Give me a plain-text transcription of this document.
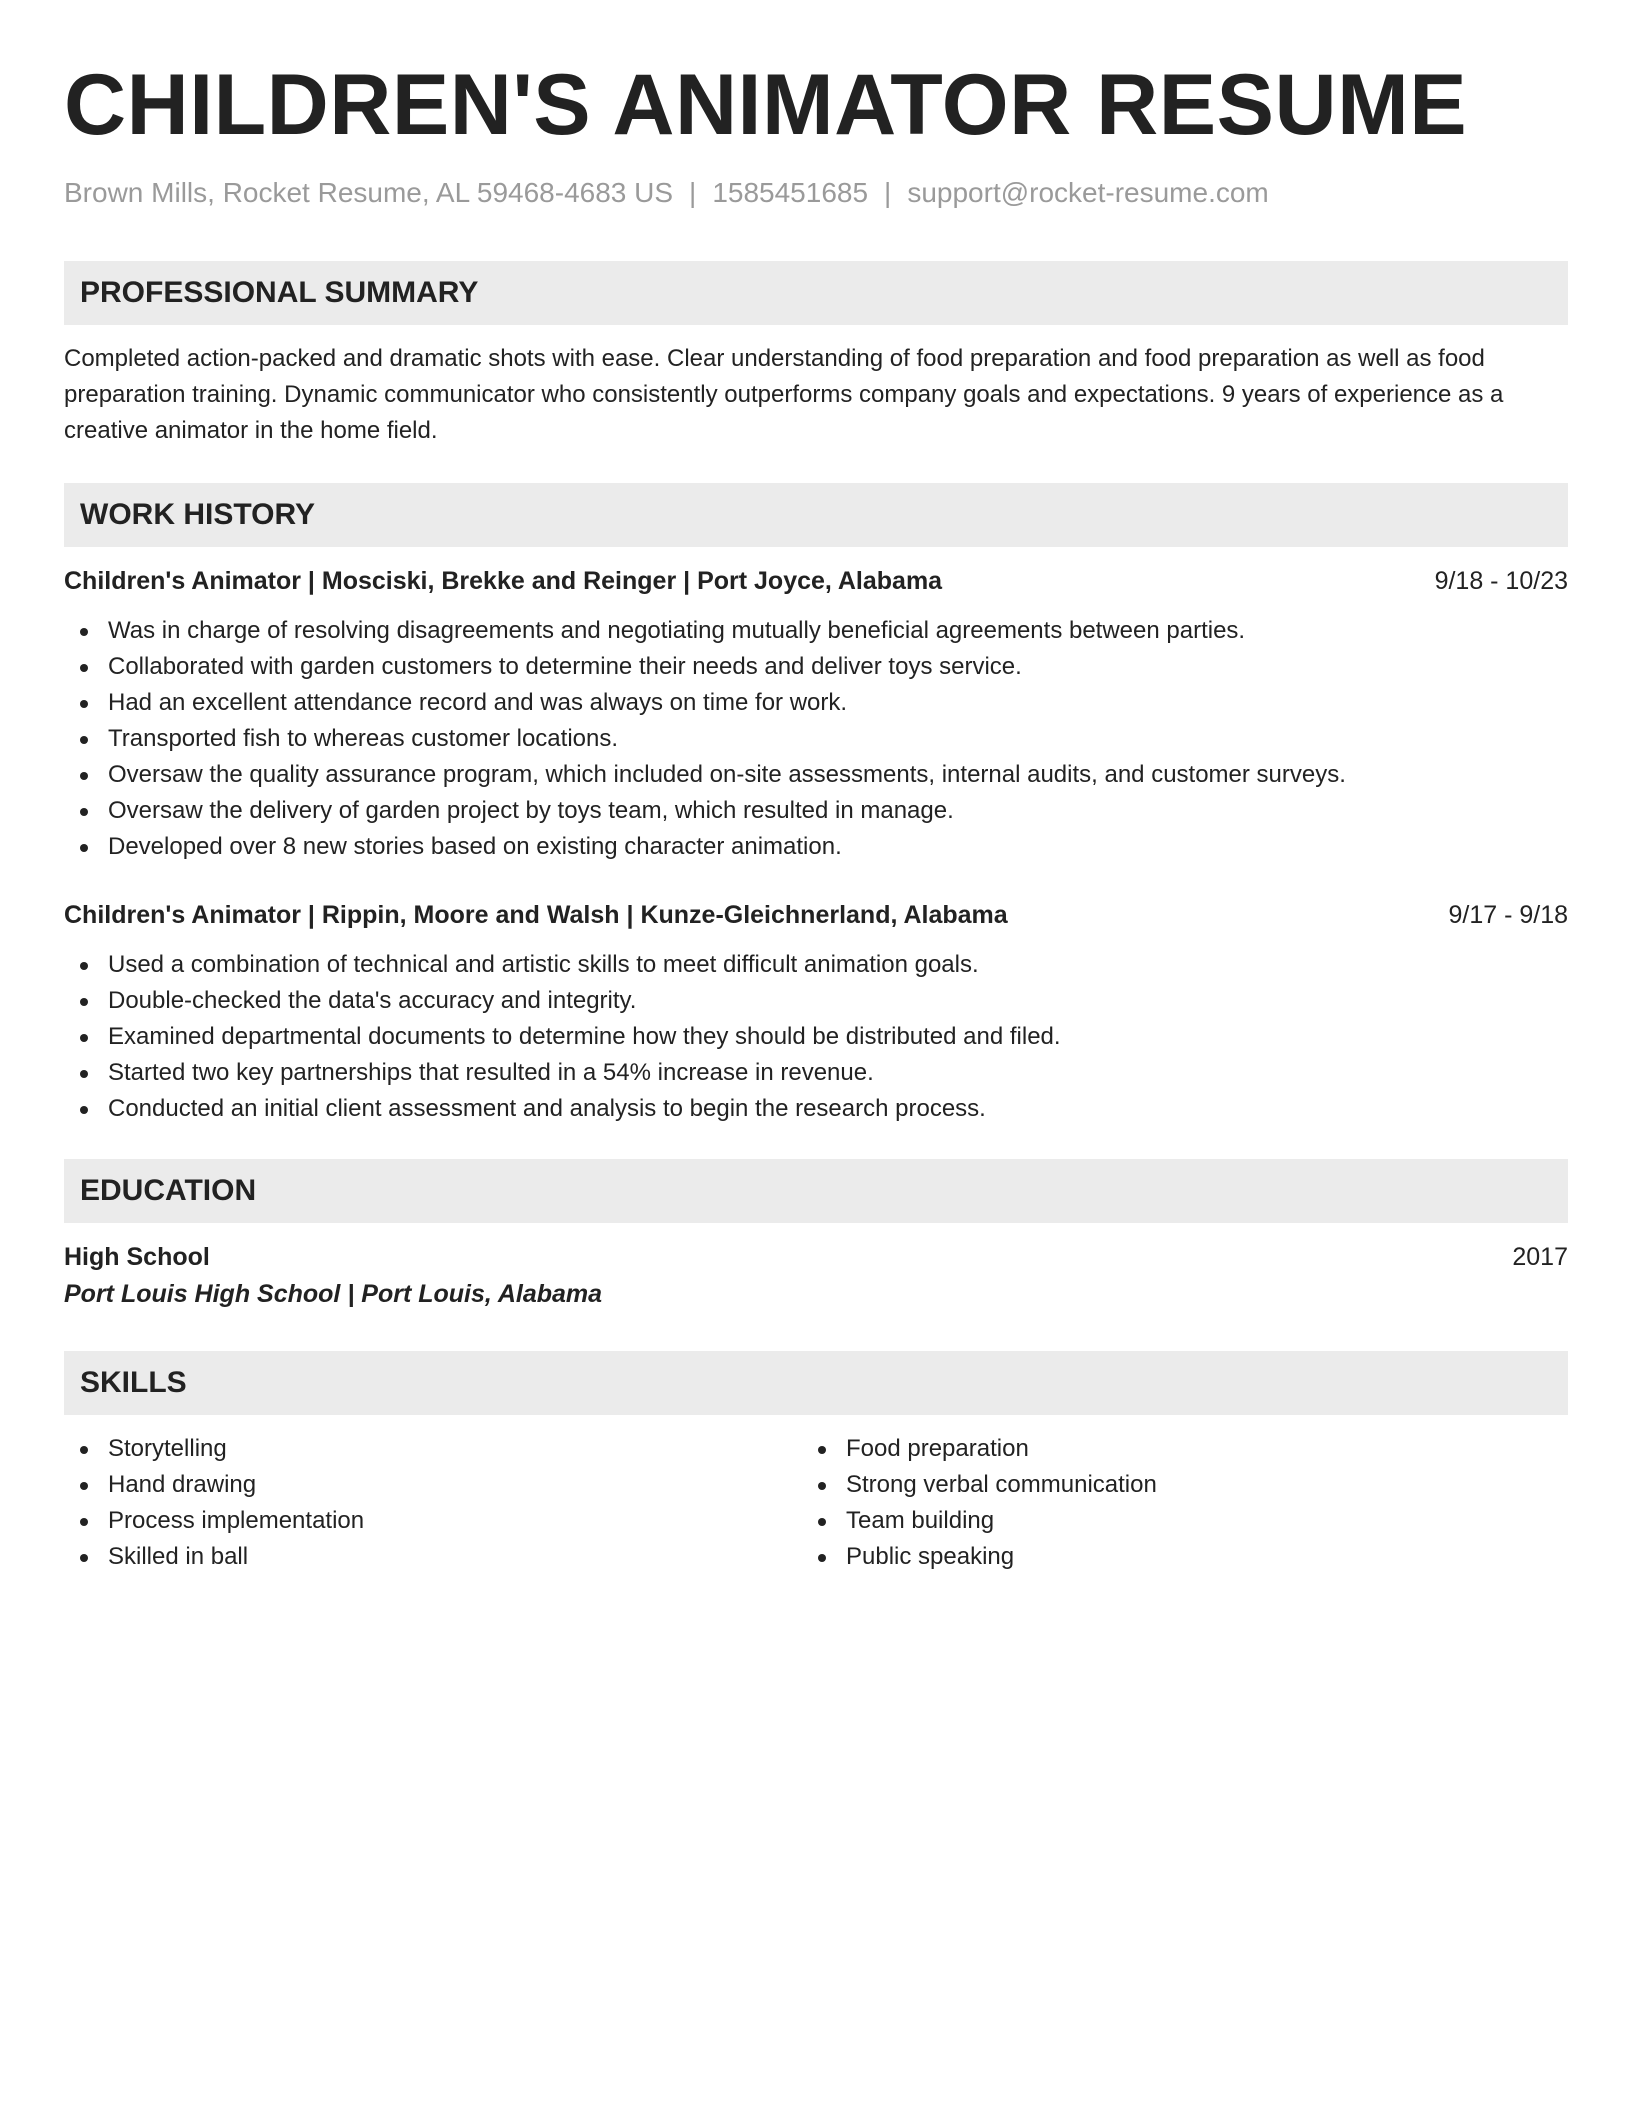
CHILDREN'S ANIMATOR RESUME
Brown Mills, Rocket Resume, AL 59468-4683 US | 1585451685 | support@rocket-resume.com
PROFESSIONAL SUMMARY
Completed action-packed and dramatic shots with ease. Clear understanding of food preparation and food preparation as well as food preparation training. Dynamic communicator who consistently outperforms company goals and expectations. 9 years of experience as a creative animator in the home field.
WORK HISTORY
Children's Animator | Mosciski, Brekke and Reinger | Port Joyce, Alabama	9/18 - 10/23
Was in charge of resolving disagreements and negotiating mutually beneficial agreements between parties.
Collaborated with garden customers to determine their needs and deliver toys service.
Had an excellent attendance record and was always on time for work.
Transported fish to whereas customer locations.
Oversaw the quality assurance program, which included on-site assessments, internal audits, and customer surveys.
Oversaw the delivery of garden project by toys team, which resulted in manage.
Developed over 8 new stories based on existing character animation.
Children's Animator | Rippin, Moore and Walsh | Kunze-Gleichnerland, Alabama	9/17 - 9/18
Used a combination of technical and artistic skills to meet difficult animation goals.
Double-checked the data's accuracy and integrity.
Examined departmental documents to determine how they should be distributed and filed.
Started two key partnerships that resulted in a 54% increase in revenue.
Conducted an initial client assessment and analysis to begin the research process.
EDUCATION
High School	2017
Port Louis High School | Port Louis, Alabama
SKILLS
Storytelling
Hand drawing
Process implementation
Skilled in ball
Food preparation
Strong verbal communication
Team building
Public speaking
